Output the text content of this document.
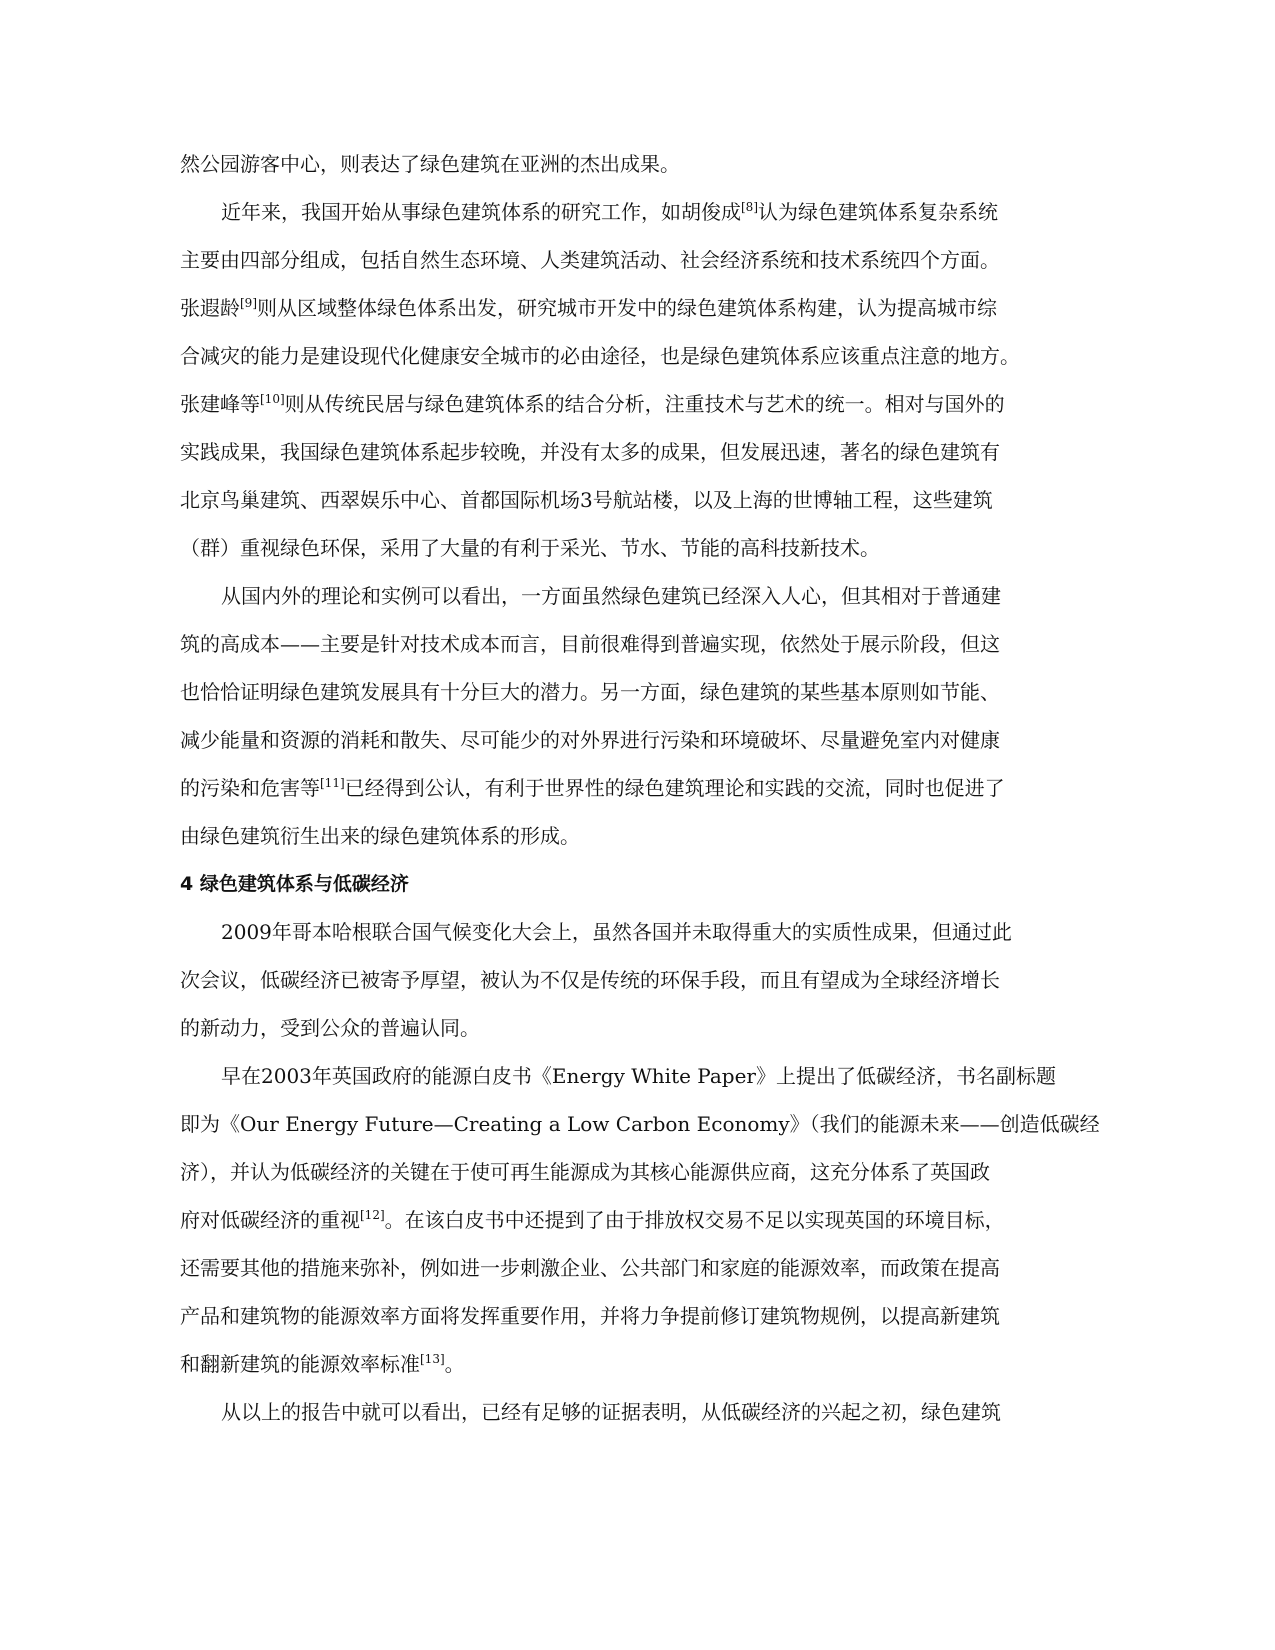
然公园游客中心，则表达了绿色建筑在亚洲的杰出成果。
近年来，我国开始从事绿色建筑体系的研究工作，如胡俊成[8]认为绿色建筑体系复杂系统
主要由四部分组成，包括自然生态环境、人类建筑活动、社会经济系统和技术系统四个方面。
张遐龄[9]则从区域整体绿色体系出发，研究城市开发中的绿色建筑体系构建，认为提高城市综
合减灾的能力是建设现代化健康安全城市的必由途径，也是绿色建筑体系应该重点注意的地方。
张建峰等[10]则从传统民居与绿色建筑体系的结合分析，注重技术与艺术的统一。相对与国外的
实践成果，我国绿色建筑体系起步较晚，并没有太多的成果，但发展迅速，著名的绿色建筑有
北京鸟巢建筑、西翠娱乐中心、首都国际机场3号航站楼，以及上海的世博轴工程，这些建筑
（群）重视绿色环保，采用了大量的有利于采光、节水、节能的高科技新技术。
从国内外的理论和实例可以看出，一方面虽然绿色建筑已经深入人心，但其相对于普通建
筑的高成本——主要是针对技术成本而言，目前很难得到普遍实现，依然处于展示阶段，但这
也恰恰证明绿色建筑发展具有十分巨大的潜力。另一方面，绿色建筑的某些基本原则如节能、
减少能量和资源的消耗和散失、尽可能少的对外界进行污染和环境破坏、尽量避免室内对健康
的污染和危害等[11]已经得到公认，有利于世界性的绿色建筑理论和实践的交流，同时也促进了
由绿色建筑衍生出来的绿色建筑体系的形成。
4 绿色建筑体系与低碳经济
2009年哥本哈根联合国气候变化大会上，虽然各国并未取得重大的实质性成果，但通过此
次会议，低碳经济已被寄予厚望，被认为不仅是传统的环保手段，而且有望成为全球经济增长
的新动力，受到公众的普遍认同。
早在2003年英国政府的能源白皮书《Energy White Paper》上提出了低碳经济，书名副标题
即为《Our Energy Future—Creating a Low Carbon Economy》（我们的能源未来——创造低碳经
济），并认为低碳经济的关键在于使可再生能源成为其核心能源供应商，这充分体系了英国政
府对低碳经济的重视[12]。在该白皮书中还提到了由于排放权交易不足以实现英国的环境目标，
还需要其他的措施来弥补，例如进一步刺激企业、公共部门和家庭的能源效率，而政策在提高
产品和建筑物的能源效率方面将发挥重要作用，并将力争提前修订建筑物规例，以提高新建筑
和翻新建筑的能源效率标准[13]。
从以上的报告中就可以看出，已经有足够的证据表明，从低碳经济的兴起之初，绿色建筑
